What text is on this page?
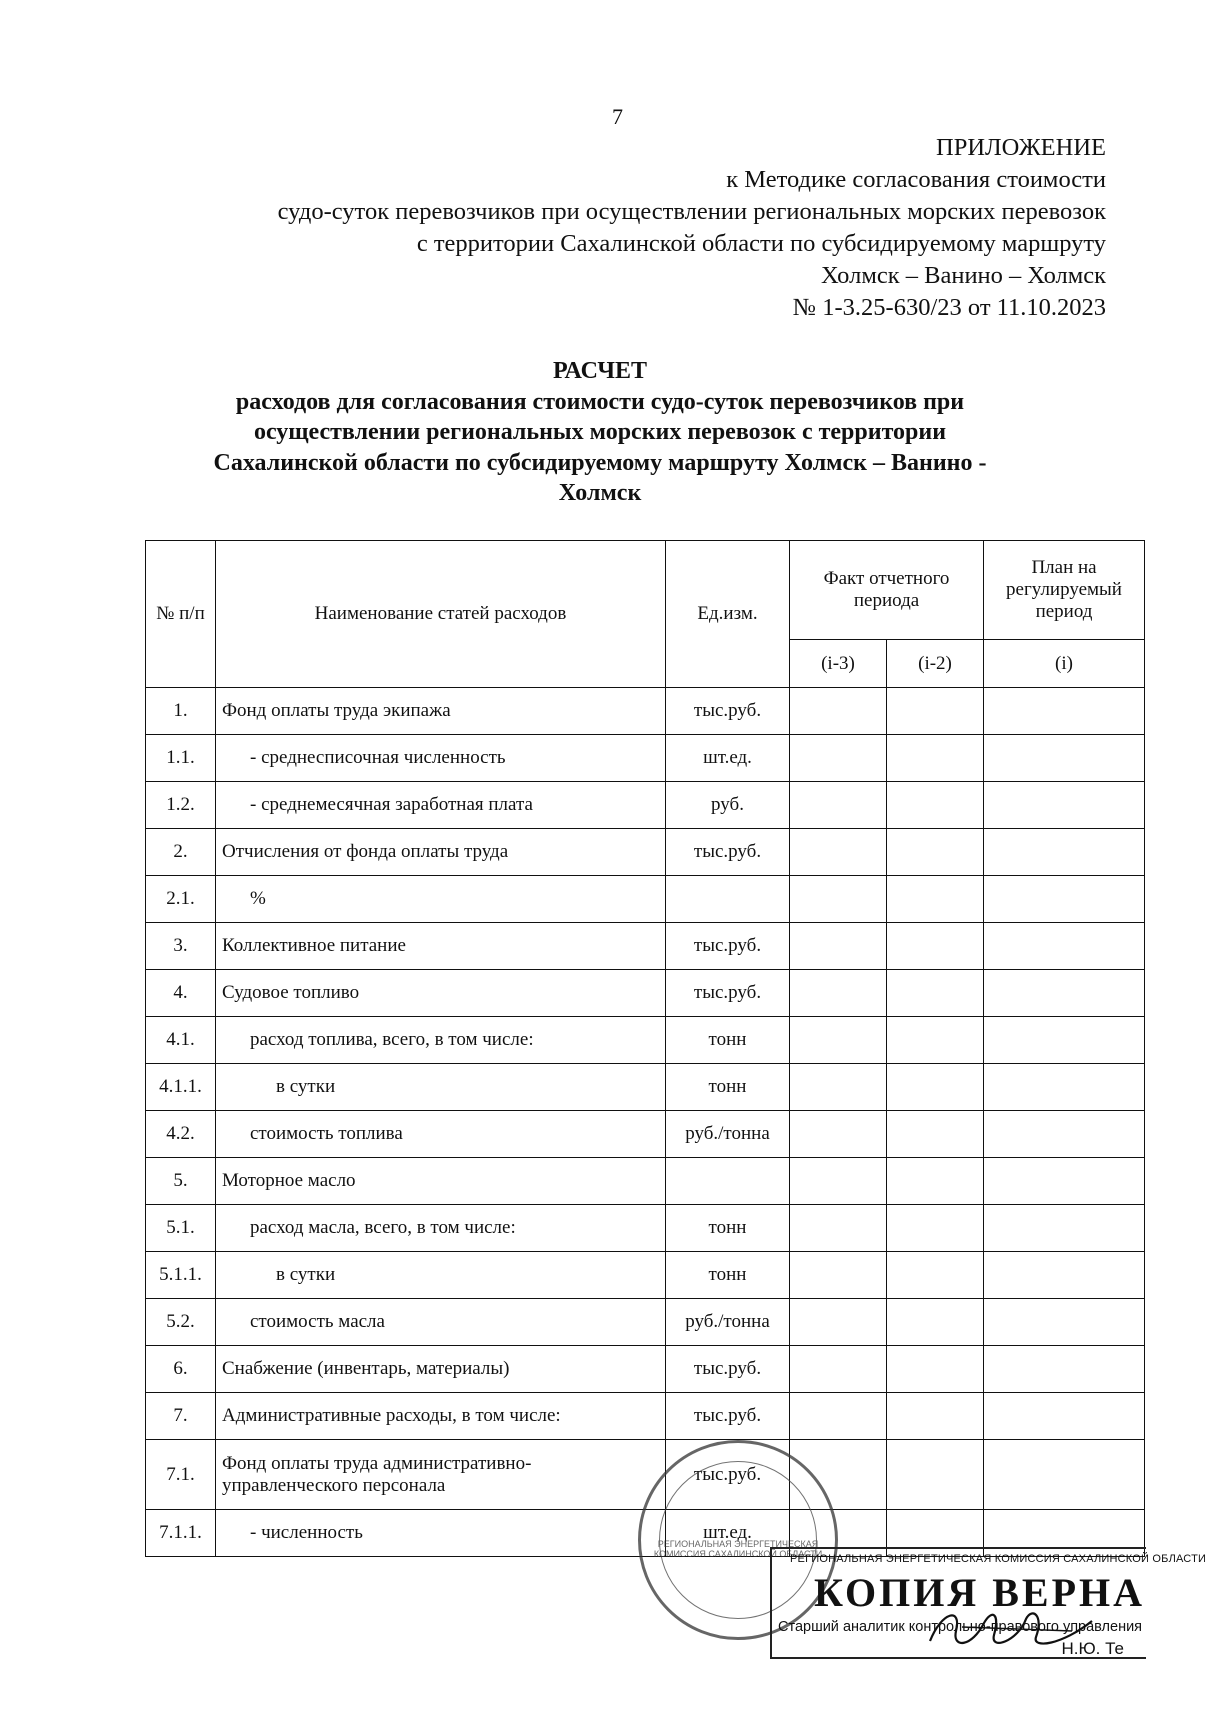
7
ПРИЛОЖЕНИЕ
к Методике согласования стоимости
судо-суток перевозчиков при осуществлении региональных морских перевозок
с территории Сахалинской области по субсидируемому маршруту
Холмск – Ванино – Холмск
№ 1-3.25-630/23 от 11.10.2023
РАСЧЕТ
расходов для согласования стоимости судо-суток перевозчиков при
осуществлении региональных морских перевозок с территории
Сахалинской области по субсидируемому маршруту Холмск – Ванино -
Холмск
№ п/п	Наименование статей расходов	Ед.изм.	Факт отчетного периода		План на регулируемый период
			(i-3)	(i-2)	(i)
1.	Фонд оплаты труда экипажа	тыс.руб.			
1.1.	- среднесписочная численность	шт.ед.			
1.2.	- среднемесячная заработная плата	руб.			
2.	Отчисления от фонда оплаты труда	тыс.руб.			
2.1.	%				
3.	Коллективное питание	тыс.руб.			
4.	Судовое топливо	тыс.руб.			
4.1.	расход топлива, всего, в том числе:	тонн			
4.1.1.	в сутки	тонн			
4.2.	стоимость топлива	руб./тонна			
5.	Моторное масло				
5.1.	расход масла, всего, в том числе:	тонн			
5.1.1.	в сутки	тонн			
5.2.	стоимость масла	руб./тонна			
6.	Снабжение (инвентарь, материалы)	тыс.руб.			
7.	Административные расходы, в том числе:	тыс.руб.			
7.1.	Фонд оплаты труда административно-управленческого персонала	тыс.руб.			
7.1.1.	- численность	шт.ед.			
РЕГИОНАЛЬНАЯ ЭНЕРГЕТИЧЕСКАЯ КОМИССИЯ САХАЛИНСКОЙ ОБЛАСТИ
РЕГИОНАЛЬНАЯ ЭНЕРГЕТИЧЕСКАЯ КОМИССИЯ САХАЛИНСКОЙ ОБЛАСТИ
КОПИЯ ВЕРНА
Старший аналитик контрольно-правового управления
Н.Ю. Те
